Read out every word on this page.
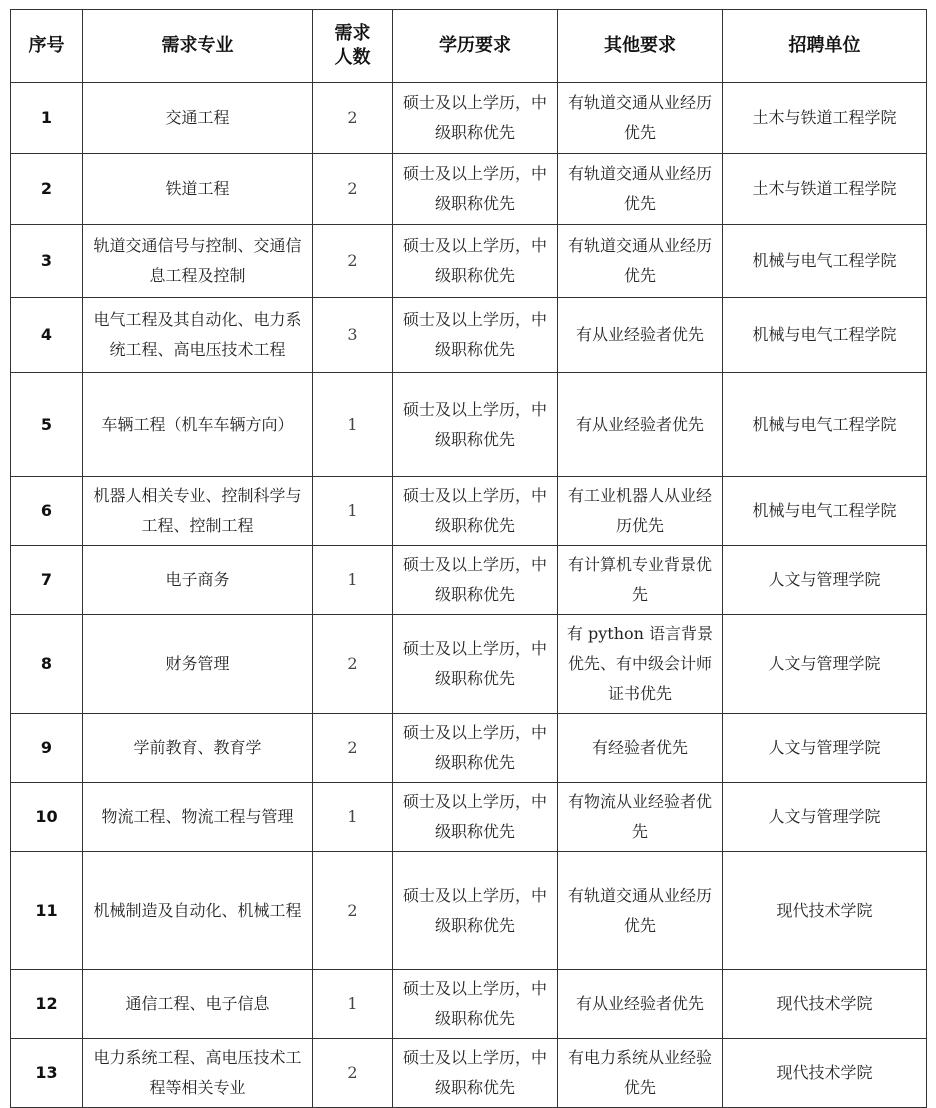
序号	需求专业	需求人数	学历要求	其他要求	招聘单位
1	交通工程	2	硕士及以上学历，中级职称优先	有轨道交通从业经历优先	土木与铁道工程学院
2	铁道工程	2	硕士及以上学历，中级职称优先	有轨道交通从业经历优先	土木与铁道工程学院
3	轨道交通信号与控制、交通信息工程及控制	2	硕士及以上学历，中级职称优先	有轨道交通从业经历优先	机械与电气工程学院
4	电气工程及其自动化、电力系统工程、高电压技术工程	3	硕士及以上学历，中级职称优先	有从业经验者优先	机械与电气工程学院
5	车辆工程（机车车辆方向）	1	硕士及以上学历，中级职称优先	有从业经验者优先	机械与电气工程学院
6	机器人相关专业、控制科学与工程、控制工程	1	硕士及以上学历，中级职称优先	有工业机器人从业经历优先	机械与电气工程学院
7	电子商务	1	硕士及以上学历，中级职称优先	有计算机专业背景优先	人文与管理学院
8	财务管理	2	硕士及以上学历，中级职称优先	有 python 语言背景优先、有中级会计师证书优先	人文与管理学院
9	学前教育、教育学	2	硕士及以上学历，中级职称优先	有经验者优先	人文与管理学院
10	物流工程、物流工程与管理	1	硕士及以上学历，中级职称优先	有物流从业经验者优先	人文与管理学院
11	机械制造及自动化、机械工程	2	硕士及以上学历，中级职称优先	有轨道交通从业经历优先	现代技术学院
12	通信工程、电子信息	1	硕士及以上学历，中级职称优先	有从业经验者优先	现代技术学院
13	电力系统工程、高电压技术工程等相关专业	2	硕士及以上学历，中级职称优先	有电力系统从业经验优先	现代技术学院
